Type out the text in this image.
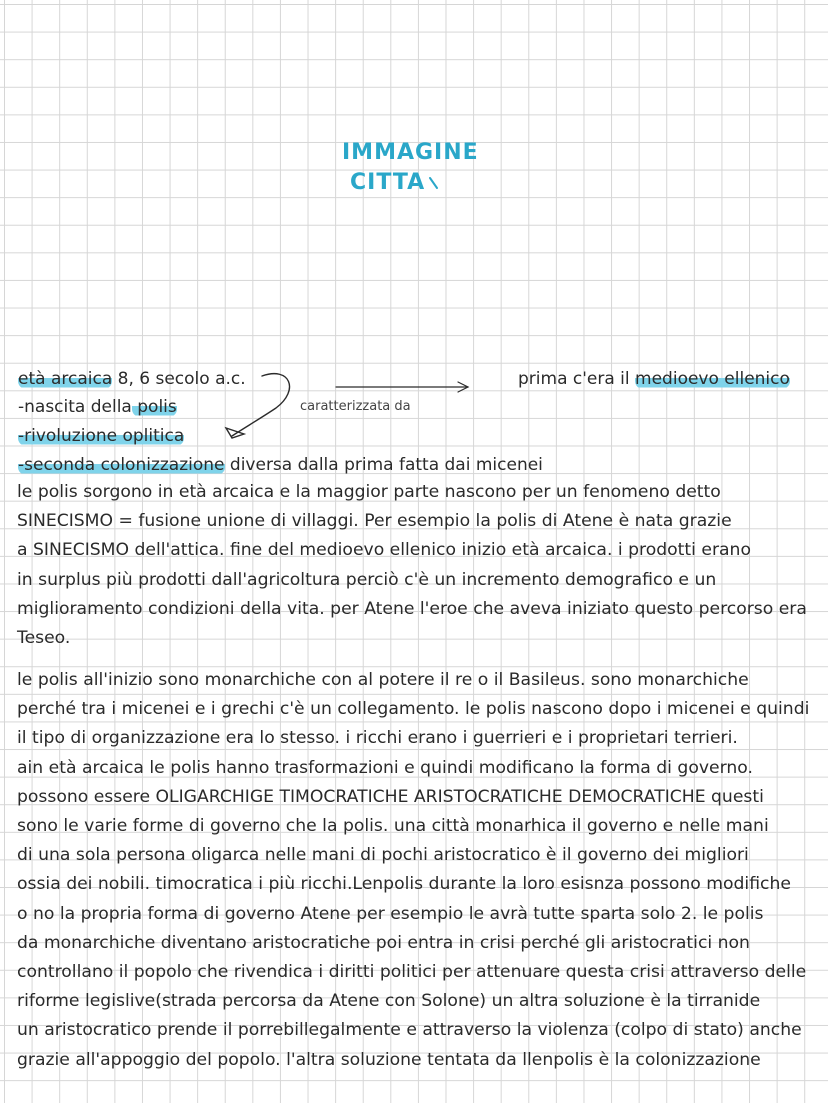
IMMAGINE
CITTA
età arcaica 8, 6 secolo a.c.
-nascita della polis
-rivoluzione oplitica
-seconda colonizzazione diversa dalla prima fatta dai micenei
caratterizzata da
prima c'era il medioevo ellenico
le polis sorgono in età arcaica e la maggior parte nascono per un fenomeno detto
SINECISMO = fusione unione di villaggi. Per esempio la polis di Atene è nata grazie
a SINECISMO dell'attica. fine del medioevo ellenico inizio età arcaica. i prodotti erano
in surplus più prodotti dall'agricoltura perciò c'è un incremento demografico e un
miglioramento condizioni della vita. per Atene l'eroe che aveva iniziato questo percorso era
Teseo.
le polis all'inizio sono monarchiche con al potere il re o il Basileus. sono monarchiche
perché tra i micenei e i grechi c'è un collegamento. le polis nascono dopo i micenei e quindi
il tipo di organizzazione era lo stesso. i ricchi erano i guerrieri e i proprietari terrieri.
ain età arcaica le polis hanno trasformazioni e quindi modificano la forma di governo.
possono essere OLIGARCHIGE TIMOCRATICHE ARISTOCRATICHE DEMOCRATICHE questi
sono le varie forme di governo che la polis. una città monarhica il governo e nelle mani
di una sola persona oligarca nelle mani di pochi aristocratico è il governo dei migliori
ossia dei nobili. timocratica i più ricchi.Lenpolis durante la loro esisnza possono modifiche
o no la propria forma di governo Atene per esempio le avrà tutte sparta solo 2. le polis
da monarchiche diventano aristocratiche poi entra in crisi perché gli aristocratici non
controllano il popolo che rivendica i diritti politici per attenuare questa crisi attraverso delle
riforme legislive(strada percorsa da Atene con Solone) un altra soluzione è la tirranide
un aristocratico prende il porrebillegalmente e attraverso la violenza (colpo di stato) anche
grazie all'appoggio del popolo. l'altra soluzione tentata da llenpolis è la colonizzazione
